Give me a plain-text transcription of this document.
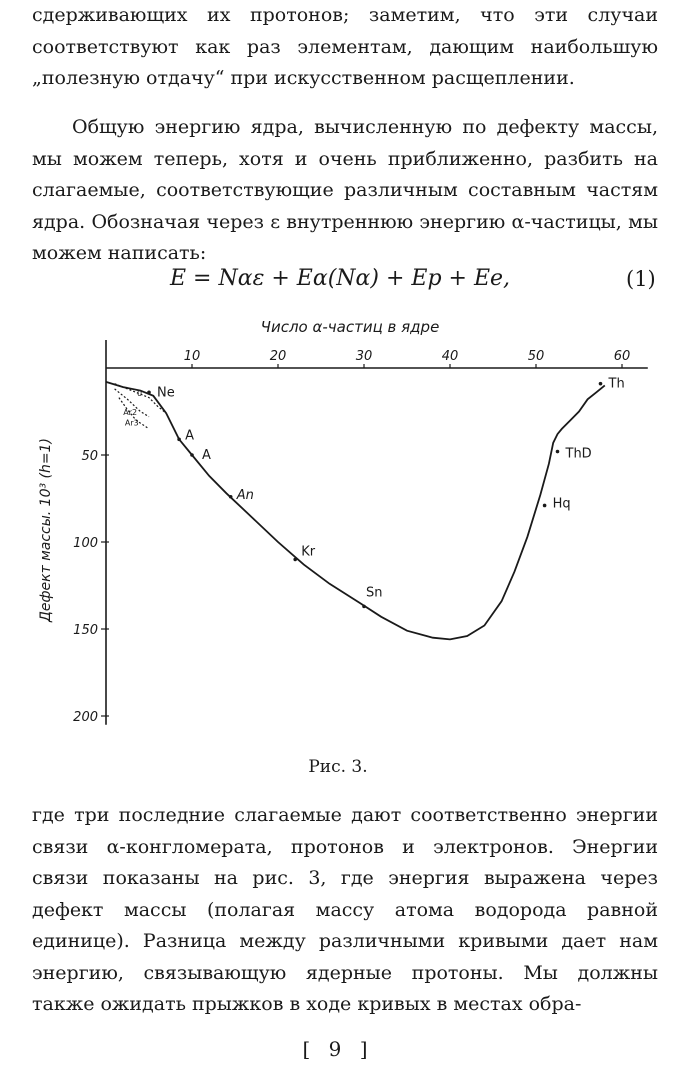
сдерживающих их протонов; заметим, что эти случаи соответствуют как раз элементам, дающим наибольшую „полезную отдачу“ при искусственном расщеплении.

Общую энергию ядра, вычисленную по дефекту массы, мы можем теперь, хотя и очень приближенно, разбить на слагаемые, соответствующие различным составным частям ядра. Обозначая через ε внутреннюю энергию α-частицы, мы можем написать:

E = Nαε + Eα(Nα) + Ep + Ee,	(1)
10	20	30	40	50	60
50
100
150
200
Ne
A
A
An
Kr
Sn
Hq
ThD
Th
0
Ar2
Ar3
Число α-частиц в ядре
Дефект массы. 10³ (h=1)
Рис. 3.

где три последние слагаемые дают соответственно энергии связи α-конгломерата, протонов и электронов. Энергии связи показаны на рис. 3, где энергия выражена через дефект массы (полагая массу атома водорода равной единице). Разница между различными кривыми дает нам энергию, связывающую ядерные протоны. Мы должны также ожидать прыжков в ходе кривых в местах обра-

[ 9 ]
